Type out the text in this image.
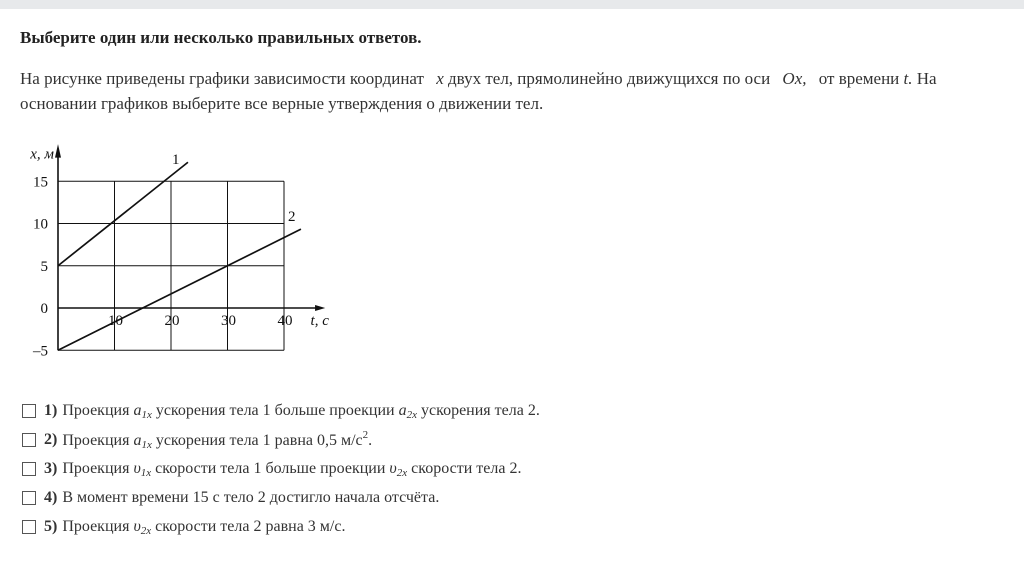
Выберите один или несколько правильных ответов.
На рисунке приведены графики зависимости координат x двух тел, прямолинейно движущихся по оси Ox, от времени t. На основании графиков выберите все верные утверждения о движении тел.
1
2
15
10
5
0
–5
10	20	30	40
x, м
t, с
1) Проекция $a_{1x}$ ускорения тела 1 больше проекции $a_{2x}$ ускорения тела 2.
2) Проекция $a_{1x}$ ускорения тела 1 равна 0,5 $м/с^2$.
3) Проекция $\upsilon_{1x}$ скорости тела 1 больше проекции $\upsilon_{2x}$ скорости тела 2.
4) В момент времени 15 с тело 2 достигло начала отсчёта.
5) Проекция $\upsilon_{2x}$ скорости тела 2 равна 3 м/с.
